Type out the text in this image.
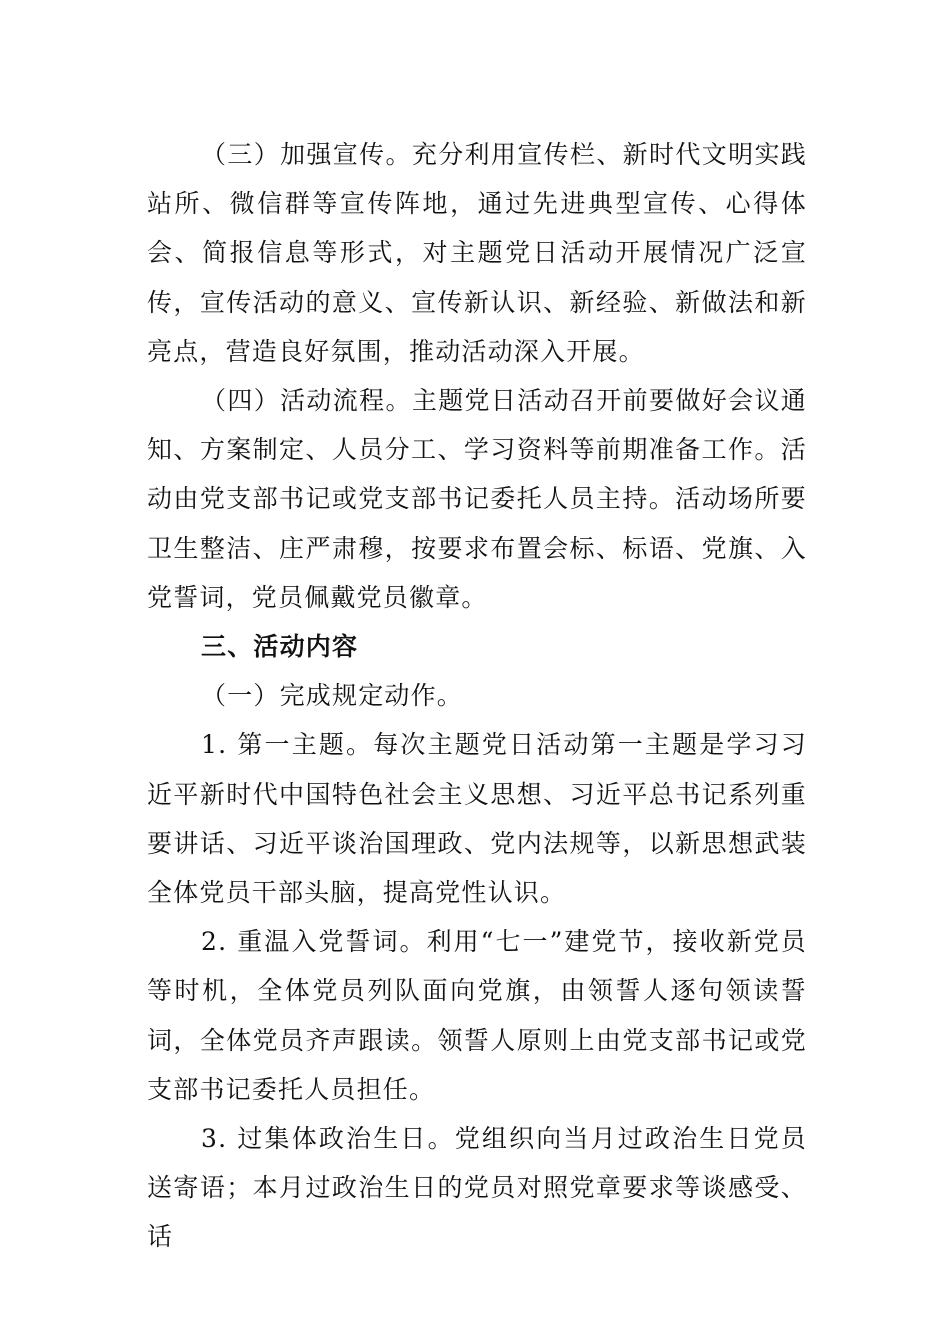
（三）加强宣传。充分利用宣传栏、新时代文明实践站所、微信群等宣传阵地，通过先进典型宣传、心得体会、简报信息等形式，对主题党日活动开展情况广泛宣传，宣传活动的意义、宣传新认识、新经验、新做法和新亮点，营造良好氛围，推动活动深入开展。

（四）活动流程。主题党日活动召开前要做好会议通知、方案制定、人员分工、学习资料等前期准备工作。活动由党支部书记或党支部书记委托人员主持。活动场所要卫生整洁、庄严肃穆，按要求布置会标、标语、党旗、入党誓词，党员佩戴党员徽章。

三、活动内容

（一）完成规定动作。

1. 第一主题。每次主题党日活动第一主题是学习习近平新时代中国特色社会主义思想、习近平总书记系列重要讲话、习近平谈治国理政、党内法规等，以新思想武装全体党员干部头脑，提高党性认识。

2. 重温入党誓词。利用“七一”建党节，接收新党员等时机，全体党员列队面向党旗，由领誓人逐句领读誓词，全体党员齐声跟读。领誓人原则上由党支部书记或党支部书记委托人员担任。

3. 过集体政治生日。党组织向当月过政治生日党员送寄语；本月过政治生日的党员对照党章要求等谈感受、话
